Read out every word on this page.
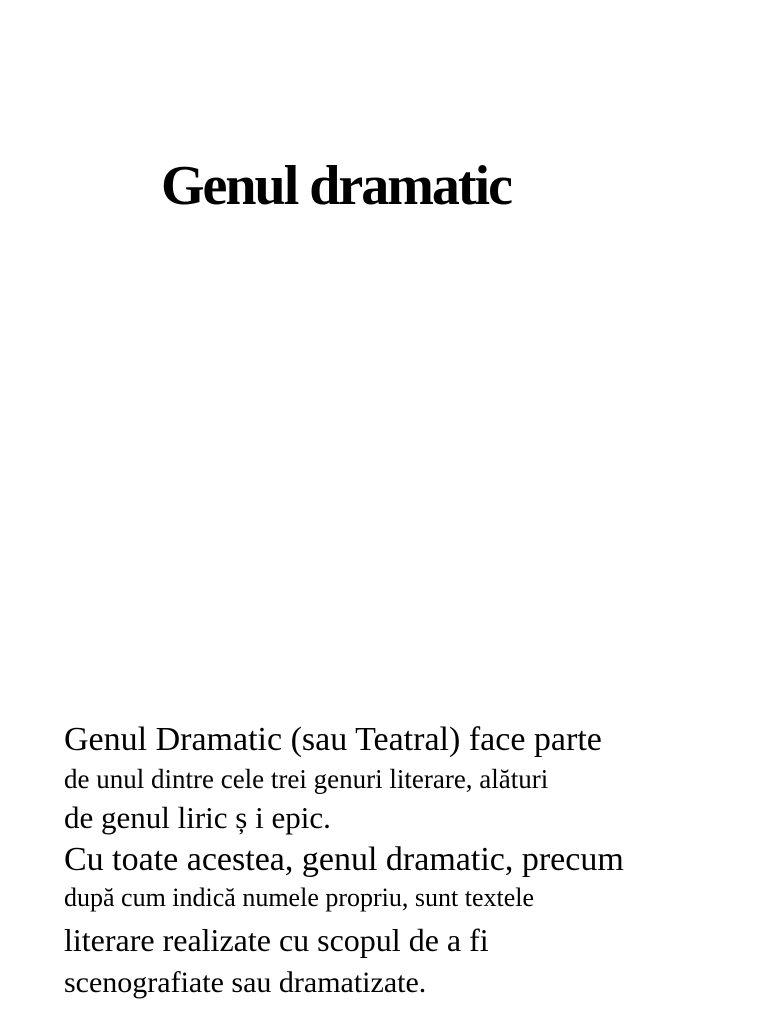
Genul dramatic
Genul Dramatic (sau Teatral) face parte
de unul dintre cele trei genuri literare, alături
de genul liric ș i epic.
Cu toate acestea, genul dramatic, precum
după cum indică numele propriu, sunt textele
literare realizate cu scopul de a fi
scenografiate sau dramatizate.
